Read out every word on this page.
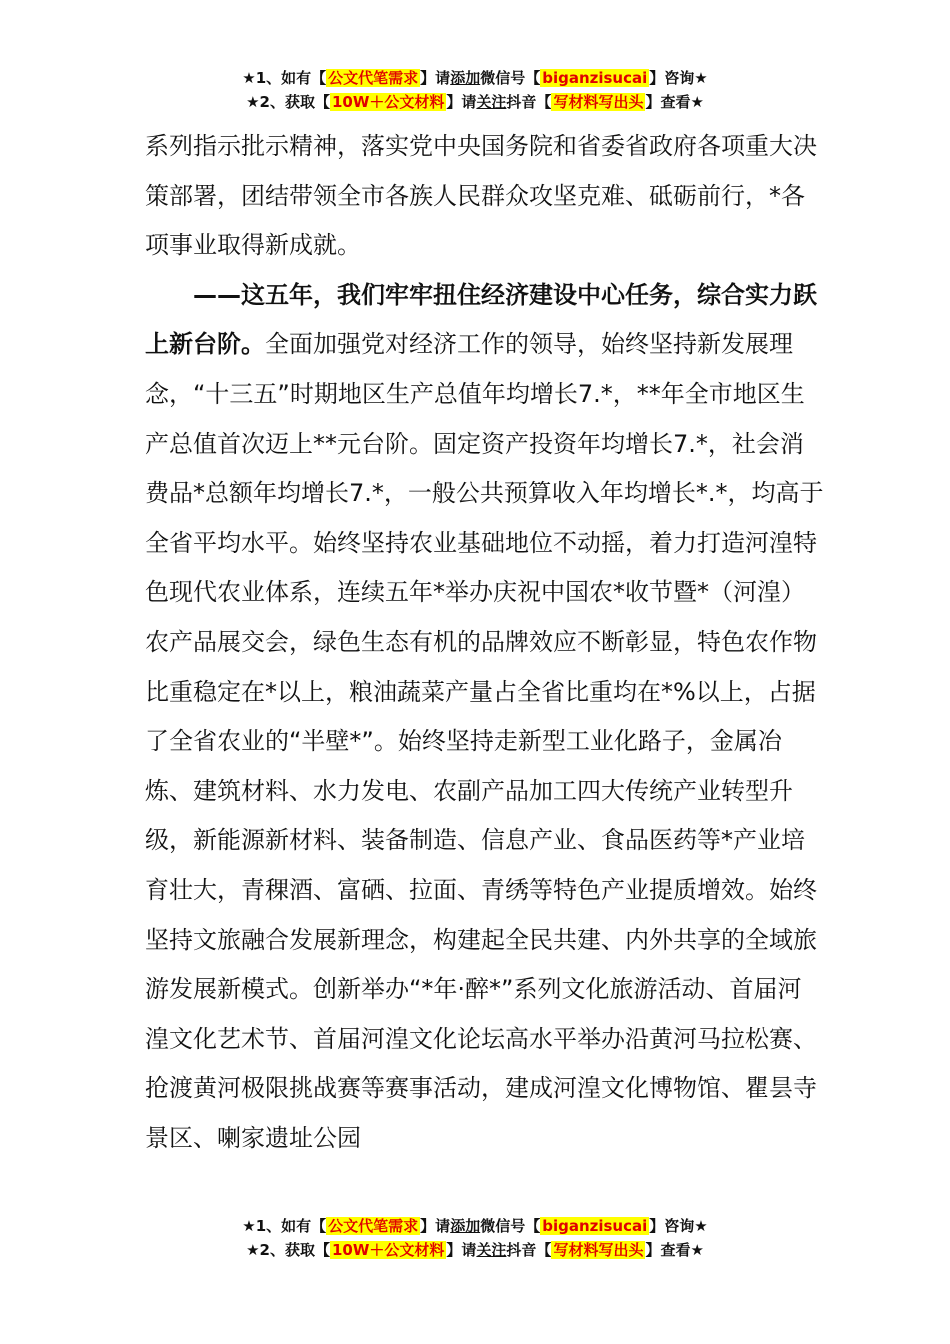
★1、如有【 公文代笔需求 】请添加微信号【 biganzisucai 】咨询★
★2、获取【 10W＋公文材料 】请关注抖音【 写材料写出头 】查看★

系列指示批示精神，落实党中央国务院和省委省政府各项重大决策部署，团结带领全市各族人民群众攻坚克难、砥砺前行，*各项事业取得新成就。

——这五年，我们牢牢扭住经济建设中心任务，综合实力跃上新台阶。全面加强党对经济工作的领导，始终坚持新发展理念，“十三五”时期地区生产总值年均增长7.*，**年全市地区生产总值首次迈上**元台阶。固定资产投资年均增长7.*，社会消费品*总额年均增长7.*，一般公共预算收入年均增长*.*，均高于全省平均水平。始终坚持农业基础地位不动摇，着力打造河湟特色现代农业体系，连续五年*举办庆祝中国农*收节暨*（河湟）农产品展交会，绿色生态有机的品牌效应不断彰显，特色农作物比重稳定在*以上，粮油蔬菜产量占全省比重均在*%以上，占据了全省农业的“半壁*”。始终坚持走新型工业化路子，金属冶炼、建筑材料、水力发电、农副产品加工四大传统产业转型升级，新能源新材料、装备制造、信息产业、食品医药等*产业培育壮大，青稞酒、富硒、拉面、青绣等特色产业提质增效。始终坚持文旅融合发展新理念，构建起全民共建、内外共享的全域旅游发展新模式。创新举办“*年·醉*”系列文化旅游活动、首届河湟文化艺术节、首届河湟文化论坛高水平举办沿黄河马拉松赛、抢渡黄河极限挑战赛等赛事活动，建成河湟文化博物馆、瞿昙寺景区、喇家遗址公园

★1、如有【 公文代笔需求 】请添加微信号【 biganzisucai 】咨询★
★2、获取【 10W＋公文材料 】请关注抖音【 写材料写出头 】查看★
